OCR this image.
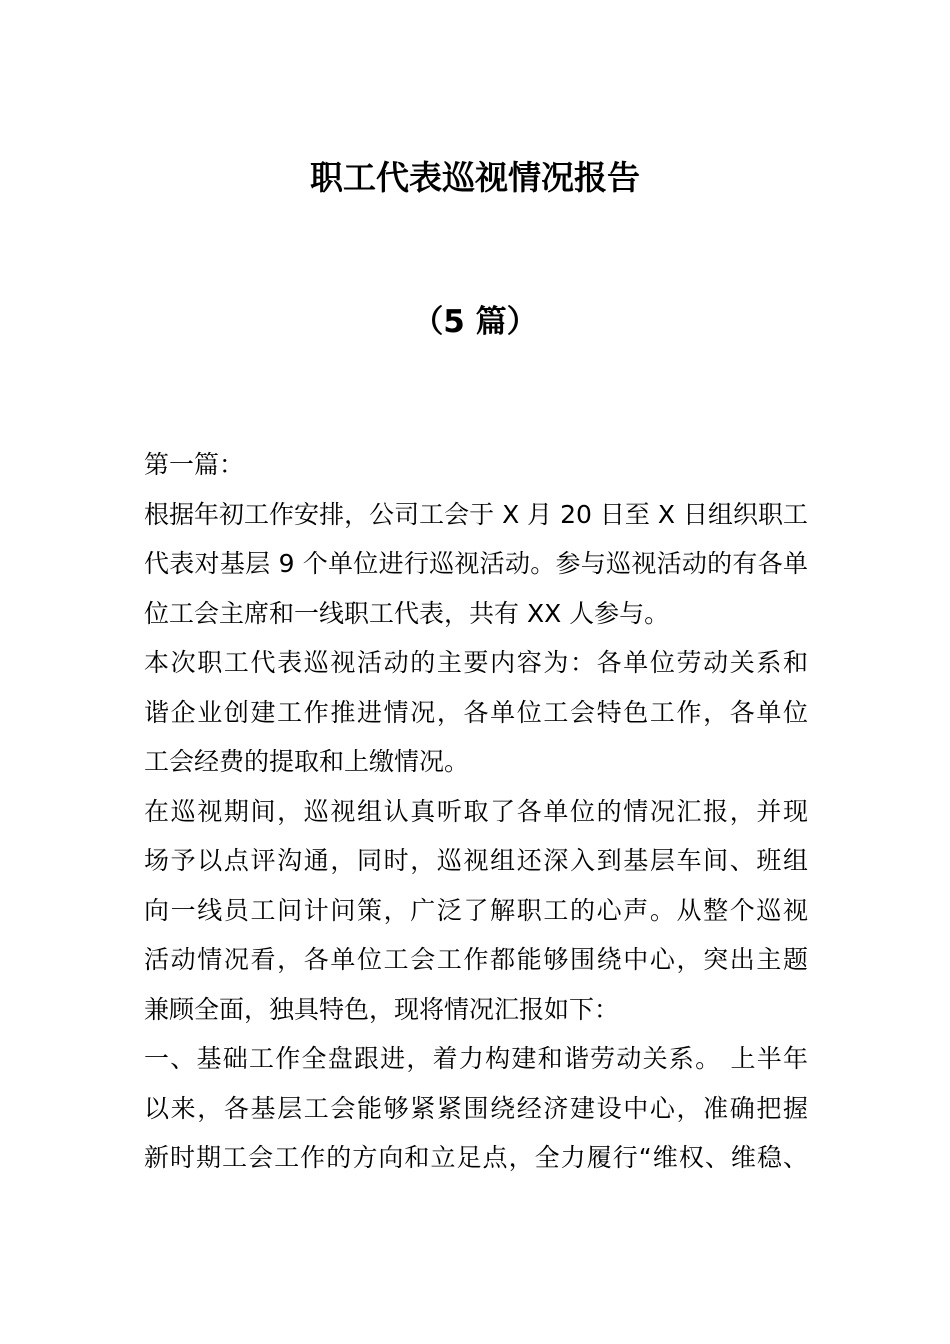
职工代表巡视情况报告
（5 篇）
第一篇：
根据年初工作安排，公司工会于 X 月 20 日至 X 日组织职工
代表对基层 9 个单位进行巡视活动。参与巡视活动的有各单
位工会主席和一线职工代表，共有 XX 人参与。
本次职工代表巡视活动的主要内容为：各单位劳动关系和
谐企业创建工作推进情况，各单位工会特色工作，各单位
工会经费的提取和上缴情况。
在巡视期间，巡视组认真听取了各单位的情况汇报，并现
场予以点评沟通，同时，巡视组还深入到基层车间、班组
向一线员工问计问策，广泛了解职工的心声。从整个巡视
活动情况看，各单位工会工作都能够围绕中心，突出主题
兼顾全面，独具特色，现将情况汇报如下：
一、基础工作全盘跟进，着力构建和谐劳动关系。 上半年
以来，各基层工会能够紧紧围绕经济建设中心，准确把握
新时期工会工作的方向和立足点，全力履行“维权、维稳、
